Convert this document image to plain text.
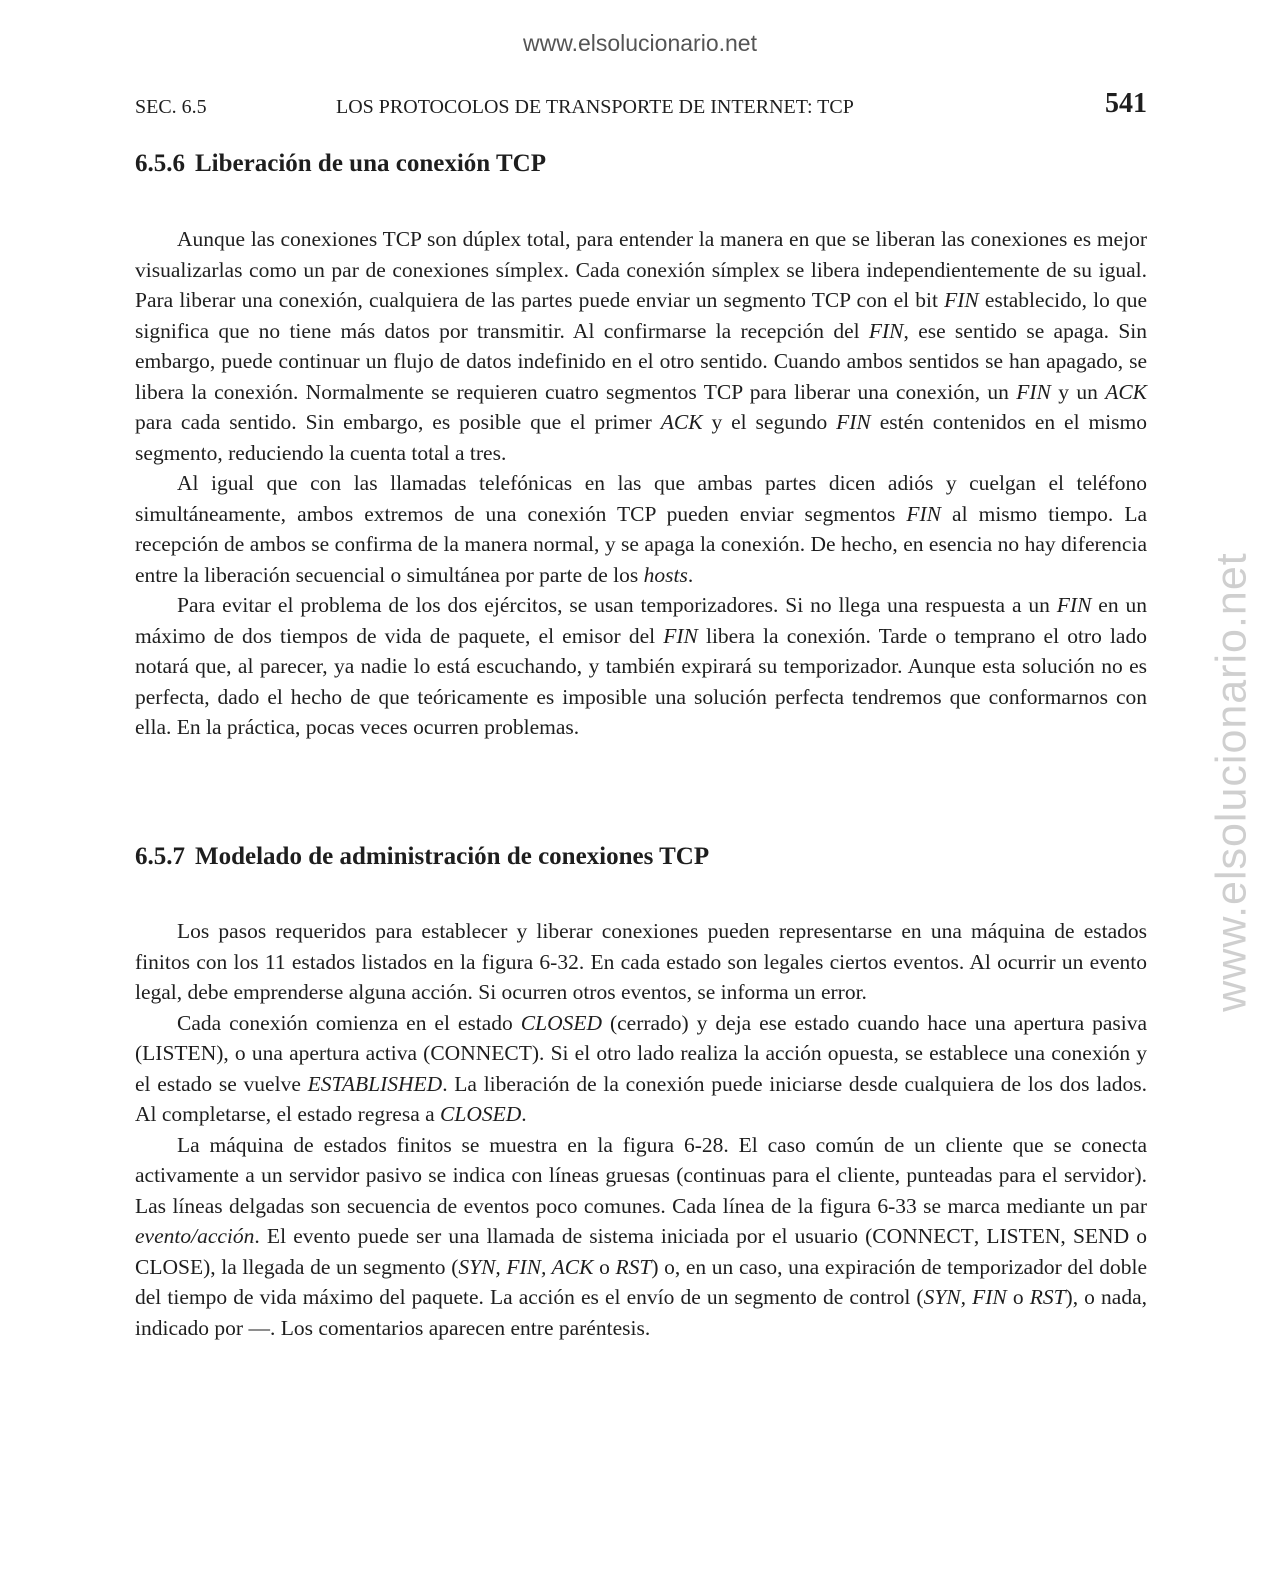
www.elsolucionario.net
www.elsolucionario.net
SEC. 6.5	LOS PROTOCOLOS DE TRANSPORTE DE INTERNET: TCP	541
6.5.6 Liberación de una conexión TCP

Aunque las conexiones TCP son dúplex total, para entender la manera en que se liberan las conexiones es mejor visualizarlas como un par de conexiones símplex. Cada conexión símplex se libera independientemente de su igual. Para liberar una conexión, cualquiera de las partes puede enviar un segmento TCP con el bit FIN establecido, lo que significa que no tiene más datos por transmitir. Al confirmarse la recepción del FIN, ese sentido se apaga. Sin embargo, puede continuar un flujo de datos indefinido en el otro sentido. Cuando ambos sentidos se han apagado, se libera la conexión. Normalmente se requieren cuatro segmentos TCP para liberar una conexión, un FIN y un ACK para cada sentido. Sin embargo, es posible que el primer ACK y el segundo FIN estén contenidos en el mismo segmento, reduciendo la cuenta total a tres.

Al igual que con las llamadas telefónicas en las que ambas partes dicen adiós y cuelgan el teléfono simultáneamente, ambos extremos de una conexión TCP pueden enviar segmentos FIN al mismo tiempo. La recepción de ambos se confirma de la manera normal, y se apaga la conexión. De hecho, en esencia no hay diferencia entre la liberación secuencial o simultánea por parte de los hosts.

Para evitar el problema de los dos ejércitos, se usan temporizadores. Si no llega una respuesta a un FIN en un máximo de dos tiempos de vida de paquete, el emisor del FIN libera la conexión. Tarde o temprano el otro lado notará que, al parecer, ya nadie lo está escuchando, y también expirará su temporizador. Aunque esta solución no es perfecta, dado el hecho de que teóricamente es imposible una solución perfecta tendremos que conformarnos con ella. En la práctica, pocas veces ocurren problemas.

6.5.7 Modelado de administración de conexiones TCP

Los pasos requeridos para establecer y liberar conexiones pueden representarse en una máquina de estados finitos con los 11 estados listados en la figura 6-32. En cada estado son legales ciertos eventos. Al ocurrir un evento legal, debe emprenderse alguna acción. Si ocurren otros eventos, se informa un error.

Cada conexión comienza en el estado CLOSED (cerrado) y deja ese estado cuando hace una apertura pasiva (LISTEN), o una apertura activa (CONNECT). Si el otro lado realiza la acción opuesta, se establece una conexión y el estado se vuelve ESTABLISHED. La liberación de la conexión puede iniciarse desde cualquiera de los dos lados. Al completarse, el estado regresa a CLOSED.

La máquina de estados finitos se muestra en la figura 6-28. El caso común de un cliente que se conecta activamente a un servidor pasivo se indica con líneas gruesas (continuas para el cliente, punteadas para el servidor). Las líneas delgadas son secuencia de eventos poco comunes. Cada línea de la figura 6-33 se marca mediante un par evento/acción. El evento puede ser una llamada de sistema iniciada por el usuario (CONNECT, LISTEN, SEND o CLOSE), la llegada de un segmento (SYN, FIN, ACK o RST) o, en un caso, una expiración de temporizador del doble del tiempo de vida máximo del paquete. La acción es el envío de un segmento de control (SYN, FIN o RST), o nada, indicado por —. Los comentarios aparecen entre paréntesis.
